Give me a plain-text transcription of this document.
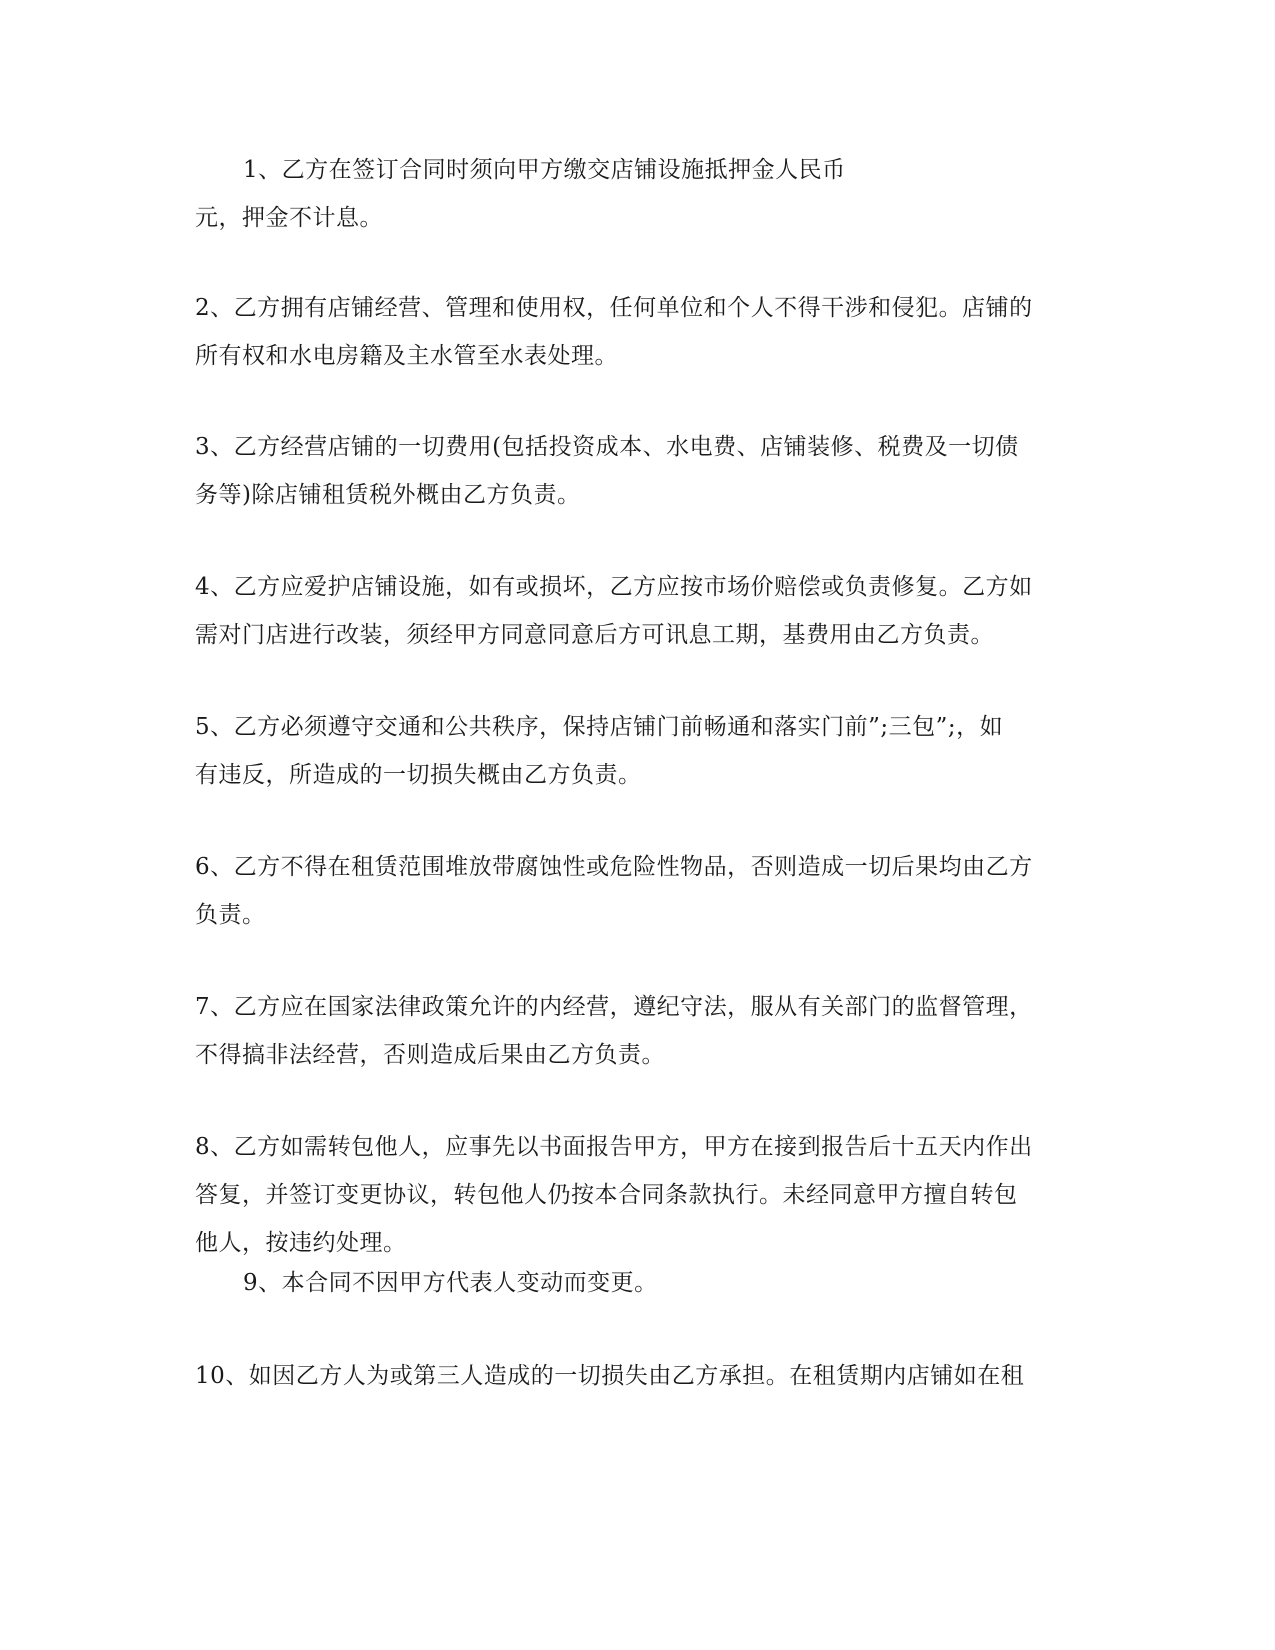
1、乙方在签订合同时须向甲方缴交店铺设施抵押金人民币
元，押金不计息。

2、乙方拥有店铺经营、管理和使用权，任何单位和个人不得干涉和侵犯。店铺的
所有权和水电房籍及主水管至水表处理。

3、乙方经营店铺的一切费用(包括投资成本、水电费、店铺装修、税费及一切债
务等)除店铺租赁税外概由乙方负责。

4、乙方应爱护店铺设施，如有或损坏，乙方应按市场价赔偿或负责修复。乙方如
需对门店进行改装，须经甲方同意同意后方可讯息工期，基费用由乙方负责。

5、乙方必须遵守交通和公共秩序，保持店铺门前畅通和落实门前”;三包”;，如
有违反，所造成的一切损失概由乙方负责。

6、乙方不得在租赁范围堆放带腐蚀性或危险性物品，否则造成一切后果均由乙方
负责。

7、乙方应在国家法律政策允许的内经营，遵纪守法，服从有关部门的监督管理，
不得搞非法经营，否则造成后果由乙方负责。

8、乙方如需转包他人，应事先以书面报告甲方，甲方在接到报告后十五天内作出
答复，并签订变更协议，转包他人仍按本合同条款执行。未经同意甲方擅自转包
他人，按违约处理。

9、本合同不因甲方代表人变动而变更。

10、如因乙方人为或第三人造成的一切损失由乙方承担。在租赁期内店铺如在租
